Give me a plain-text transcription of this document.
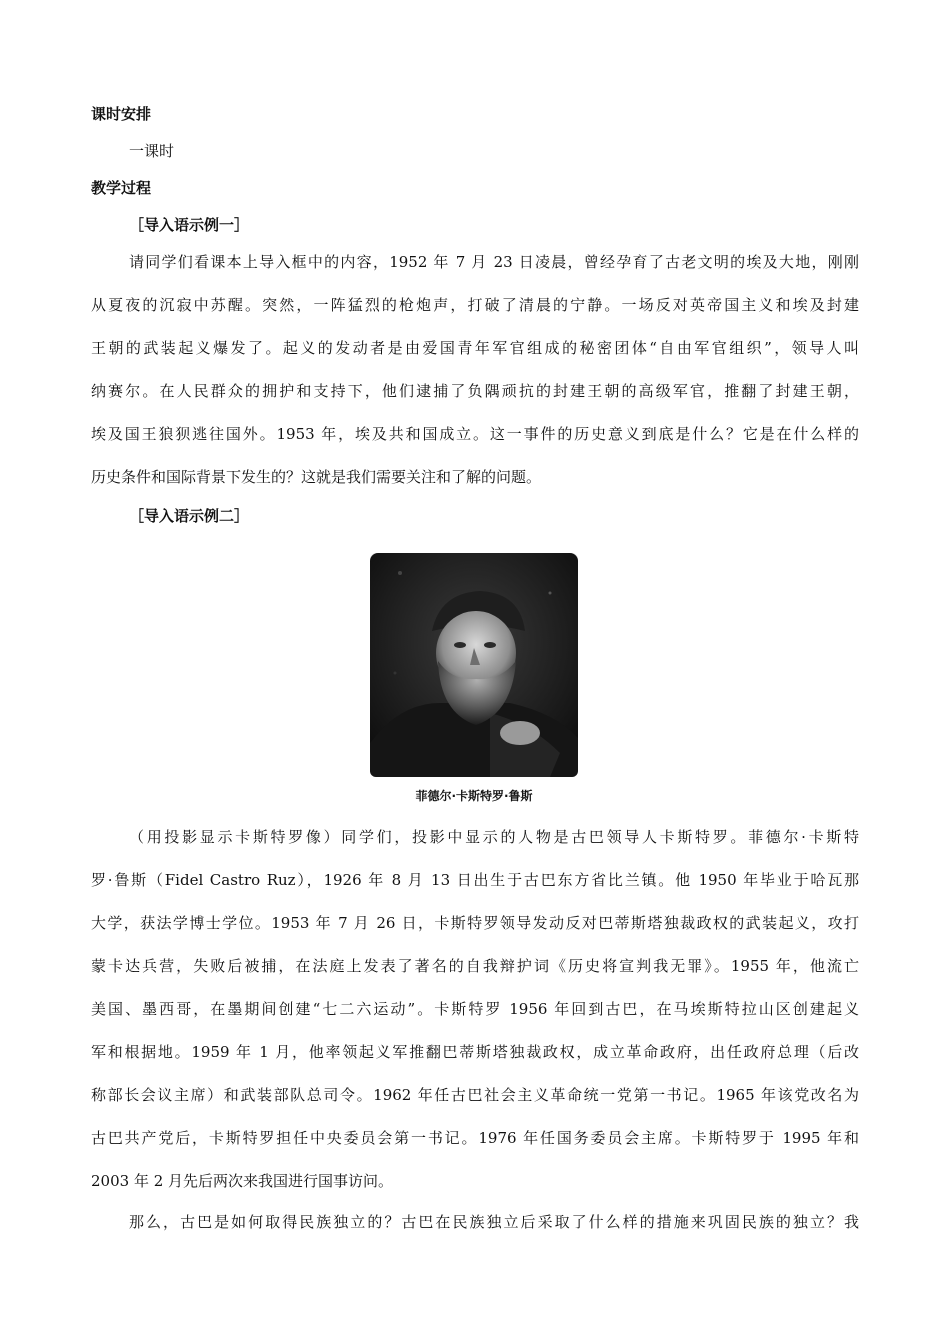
课时安排
一课时
教学过程
［导入语示例一］
请同学们看课本上导入框中的内容，1952 年 7 月 23 日凌晨，曾经孕育了古老文明的埃及大地，刚刚
从夏夜的沉寂中苏醒。突然，一阵猛烈的枪炮声，打破了清晨的宁静。一场反对英帝国主义和埃及封建
王朝的武装起义爆发了。起义的发动者是由爱国青年军官组成的秘密团体“自由军官组织”，领导人叫
纳赛尔。在人民群众的拥护和支持下，他们逮捕了负隅顽抗的封建王朝的高级军官，推翻了封建王朝，
埃及国王狼狈逃往国外。1953 年，埃及共和国成立。这一事件的历史意义到底是什么？它是在什么样的
历史条件和国际背景下发生的？这就是我们需要关注和了解的问题。
［导入语示例二］
菲德尔·卡斯特罗·鲁斯
（用投影显示卡斯特罗像）同学们，投影中显示的人物是古巴领导人卡斯特罗。菲德尔·卡斯特
罗·鲁斯（Fidel Castro Ruz），1926 年 8 月 13 日出生于古巴东方省比兰镇。他 1950 年毕业于哈瓦那
大学，获法学博士学位。1953 年 7 月 26 日，卡斯特罗领导发动反对巴蒂斯塔独裁政权的武装起义，攻打
蒙卡达兵营，失败后被捕，在法庭上发表了著名的自我辩护词《历史将宣判我无罪》。1955 年，他流亡
美国、墨西哥，在墨期间创建“七二六运动”。卡斯特罗 1956 年回到古巴，在马埃斯特拉山区创建起义
军和根据地。1959 年 1 月，他率领起义军推翻巴蒂斯塔独裁政权，成立革命政府，出任政府总理（后改
称部长会议主席）和武装部队总司令。1962 年任古巴社会主义革命统一党第一书记。1965 年该党改名为
古巴共产党后，卡斯特罗担任中央委员会第一书记。1976 年任国务委员会主席。卡斯特罗于 1995 年和
2003 年 2 月先后两次来我国进行国事访问。
那么，古巴是如何取得民族独立的？古巴在民族独立后采取了什么样的措施来巩固民族的独立？我
